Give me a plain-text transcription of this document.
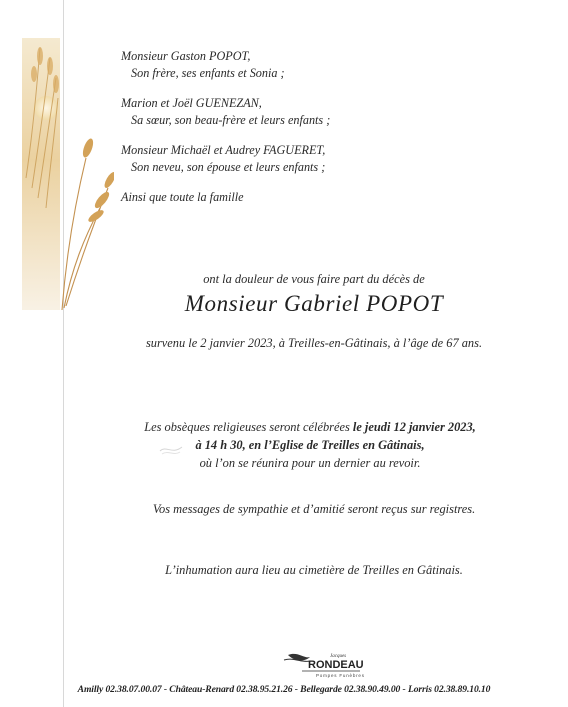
Monsieur Gaston POPOT,

Son frère, ses enfants et Sonia ;

Marion et Joël GUENEZAN,

Sa sœur, son beau-frère et leurs enfants ;

Monsieur Michaël et Audrey FAGUERET,

Son neveu, son épouse et leurs enfants ;

Ainsi que toute la famille

ont la douleur de vous faire part du décès de
Monsieur Gabriel POPOT
survenu le 2 janvier 2023, à Treilles-en-Gâtinais, à l’âge de 67 ans.
Les obsèques religieuses seront célébrées le jeudi 12 janvier 2023,
à 14 h 30, en l’Eglise de Treilles en Gâtinais,
où l’on se réunira pour un dernier au revoir.
Vos messages de sympathie et d’amitié seront reçus sur registres.
L’inhumation aura lieu au cimetière de Treilles en Gâtinais.
Jacques
RONDEAU
Pompes Funèbres
Amilly 02.38.07.00.07 - Château-Renard 02.38.95.21.26 - Bellegarde 02.38.90.49.00 - Lorris 02.38.89.10.10
